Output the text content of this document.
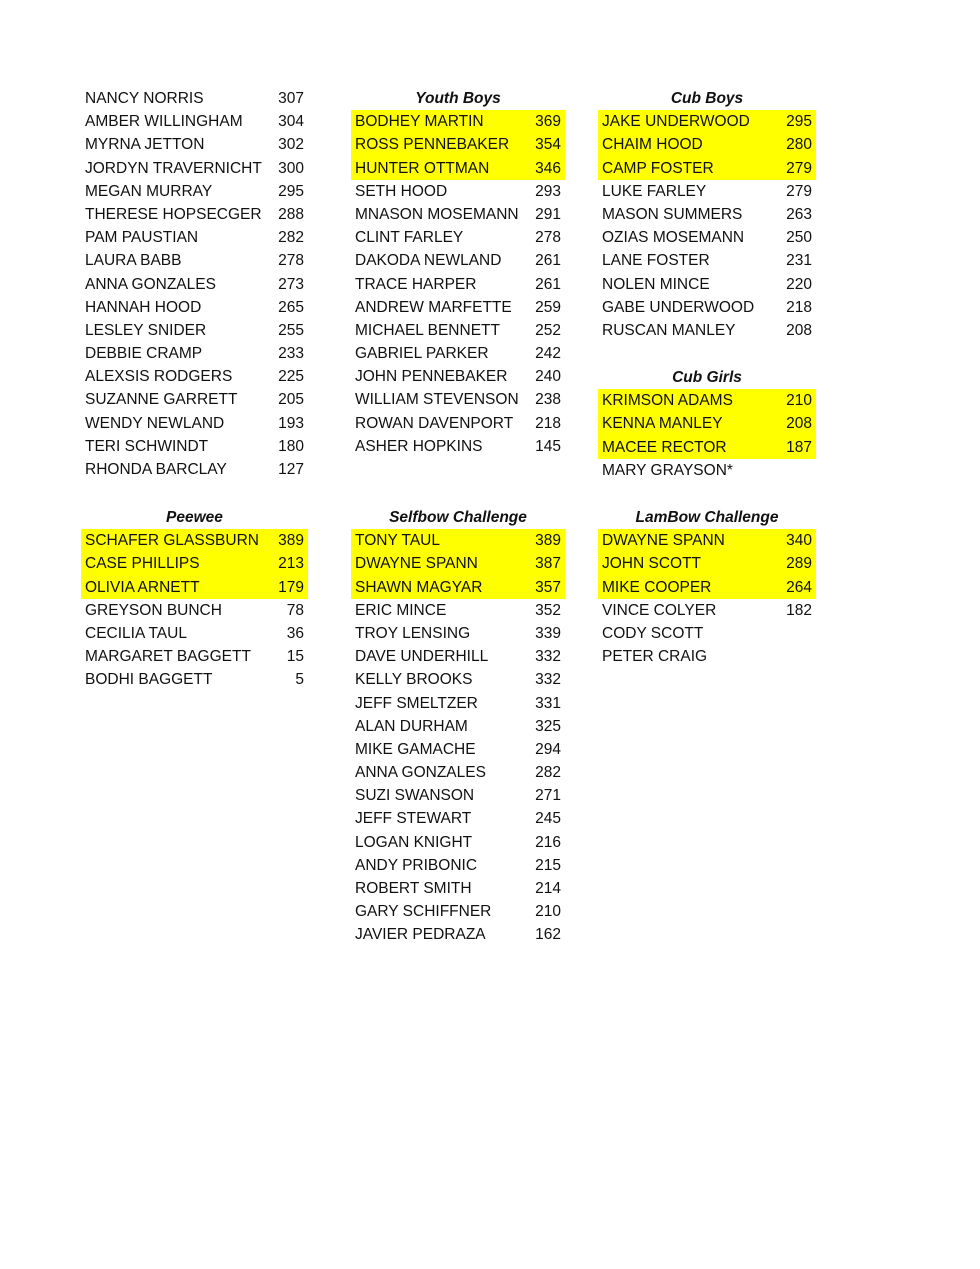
NANCY NORRIS	307
AMBER WILLINGHAM 304
MYRNA JETTON	302
JORDYN TRAVERNICHT 300
MEGAN MURRAY	295
THERESE HOPSECGER 288
PAM PAUSTIAN	282
LAURA BABB	278
ANNA GONZALES	273
HANNAH HOOD	265
LESLEY SNIDER	255
DEBBIE CRAMP	233
ALEXSIS RODGERS	225
SUZANNE GARRETT	205
WENDY NEWLAND	193
TERI SCHWINDT	180
RHONDA BARCLAY	127
Youth Boys
BODHEY MARTIN	369
ROSS PENNEBAKER 354
HUNTER OTTMAN	346
SETH HOOD	293
MNASON MOSEMANN 291
CLINT FARLEY	278
DAKODA NEWLAND 261
TRACE HARPER	261
ANDREW MARFETTE 259
MICHAEL BENNETT 252
GABRIEL PARKER	242
JOHN PENNEBAKER 240
WILLIAM STEVENSON 238
ROWAN DAVENPORT 218
ASHER HOPKINS	145
Cub Boys
JAKE UNDERWOOD 295
CHAIM HOOD	280
CAMP FOSTER	279
LUKE FARLEY	279
MASON SUMMERS	263
OZIAS MOSEMANN	250
LANE FOSTER	231
NOLEN MINCE	220
GABE UNDERWOOD 218
RUSCAN MANLEY	208
Cub Girls
KRIMSON ADAMS	210
KENNA MANLEY	208
MACEE RECTOR	187
MARY GRAYSON*
Peewee
SCHAFER GLASSBURN 389
CASE PHILLIPS	213
OLIVIA ARNETT	179
GREYSON BUNCH	78
CECILIA TAUL	36
MARGARET BAGGETT 15
BODHI BAGGETT	5
Selfbow Challenge
TONY TAUL	389
DWAYNE SPANN	387
SHAWN MAGYAR	357
ERIC MINCE	352
TROY LENSING	339
DAVE UNDERHILL	332
KELLY BROOKS	332
JEFF SMELTZER	331
ALAN DURHAM	325
MIKE GAMACHE	294
ANNA GONZALES	282
SUZI SWANSON	271
JEFF STEWART	245
LOGAN KNIGHT	216
ANDY PRIBONIC	215
ROBERT SMITH	214
GARY SCHIFFNER	210
JAVIER PEDRAZA	162
LamBow Challenge
DWAYNE SPANN	340
JOHN SCOTT	289
MIKE COOPER	264
VINCE COLYER	182
CODY SCOTT
PETER CRAIG
